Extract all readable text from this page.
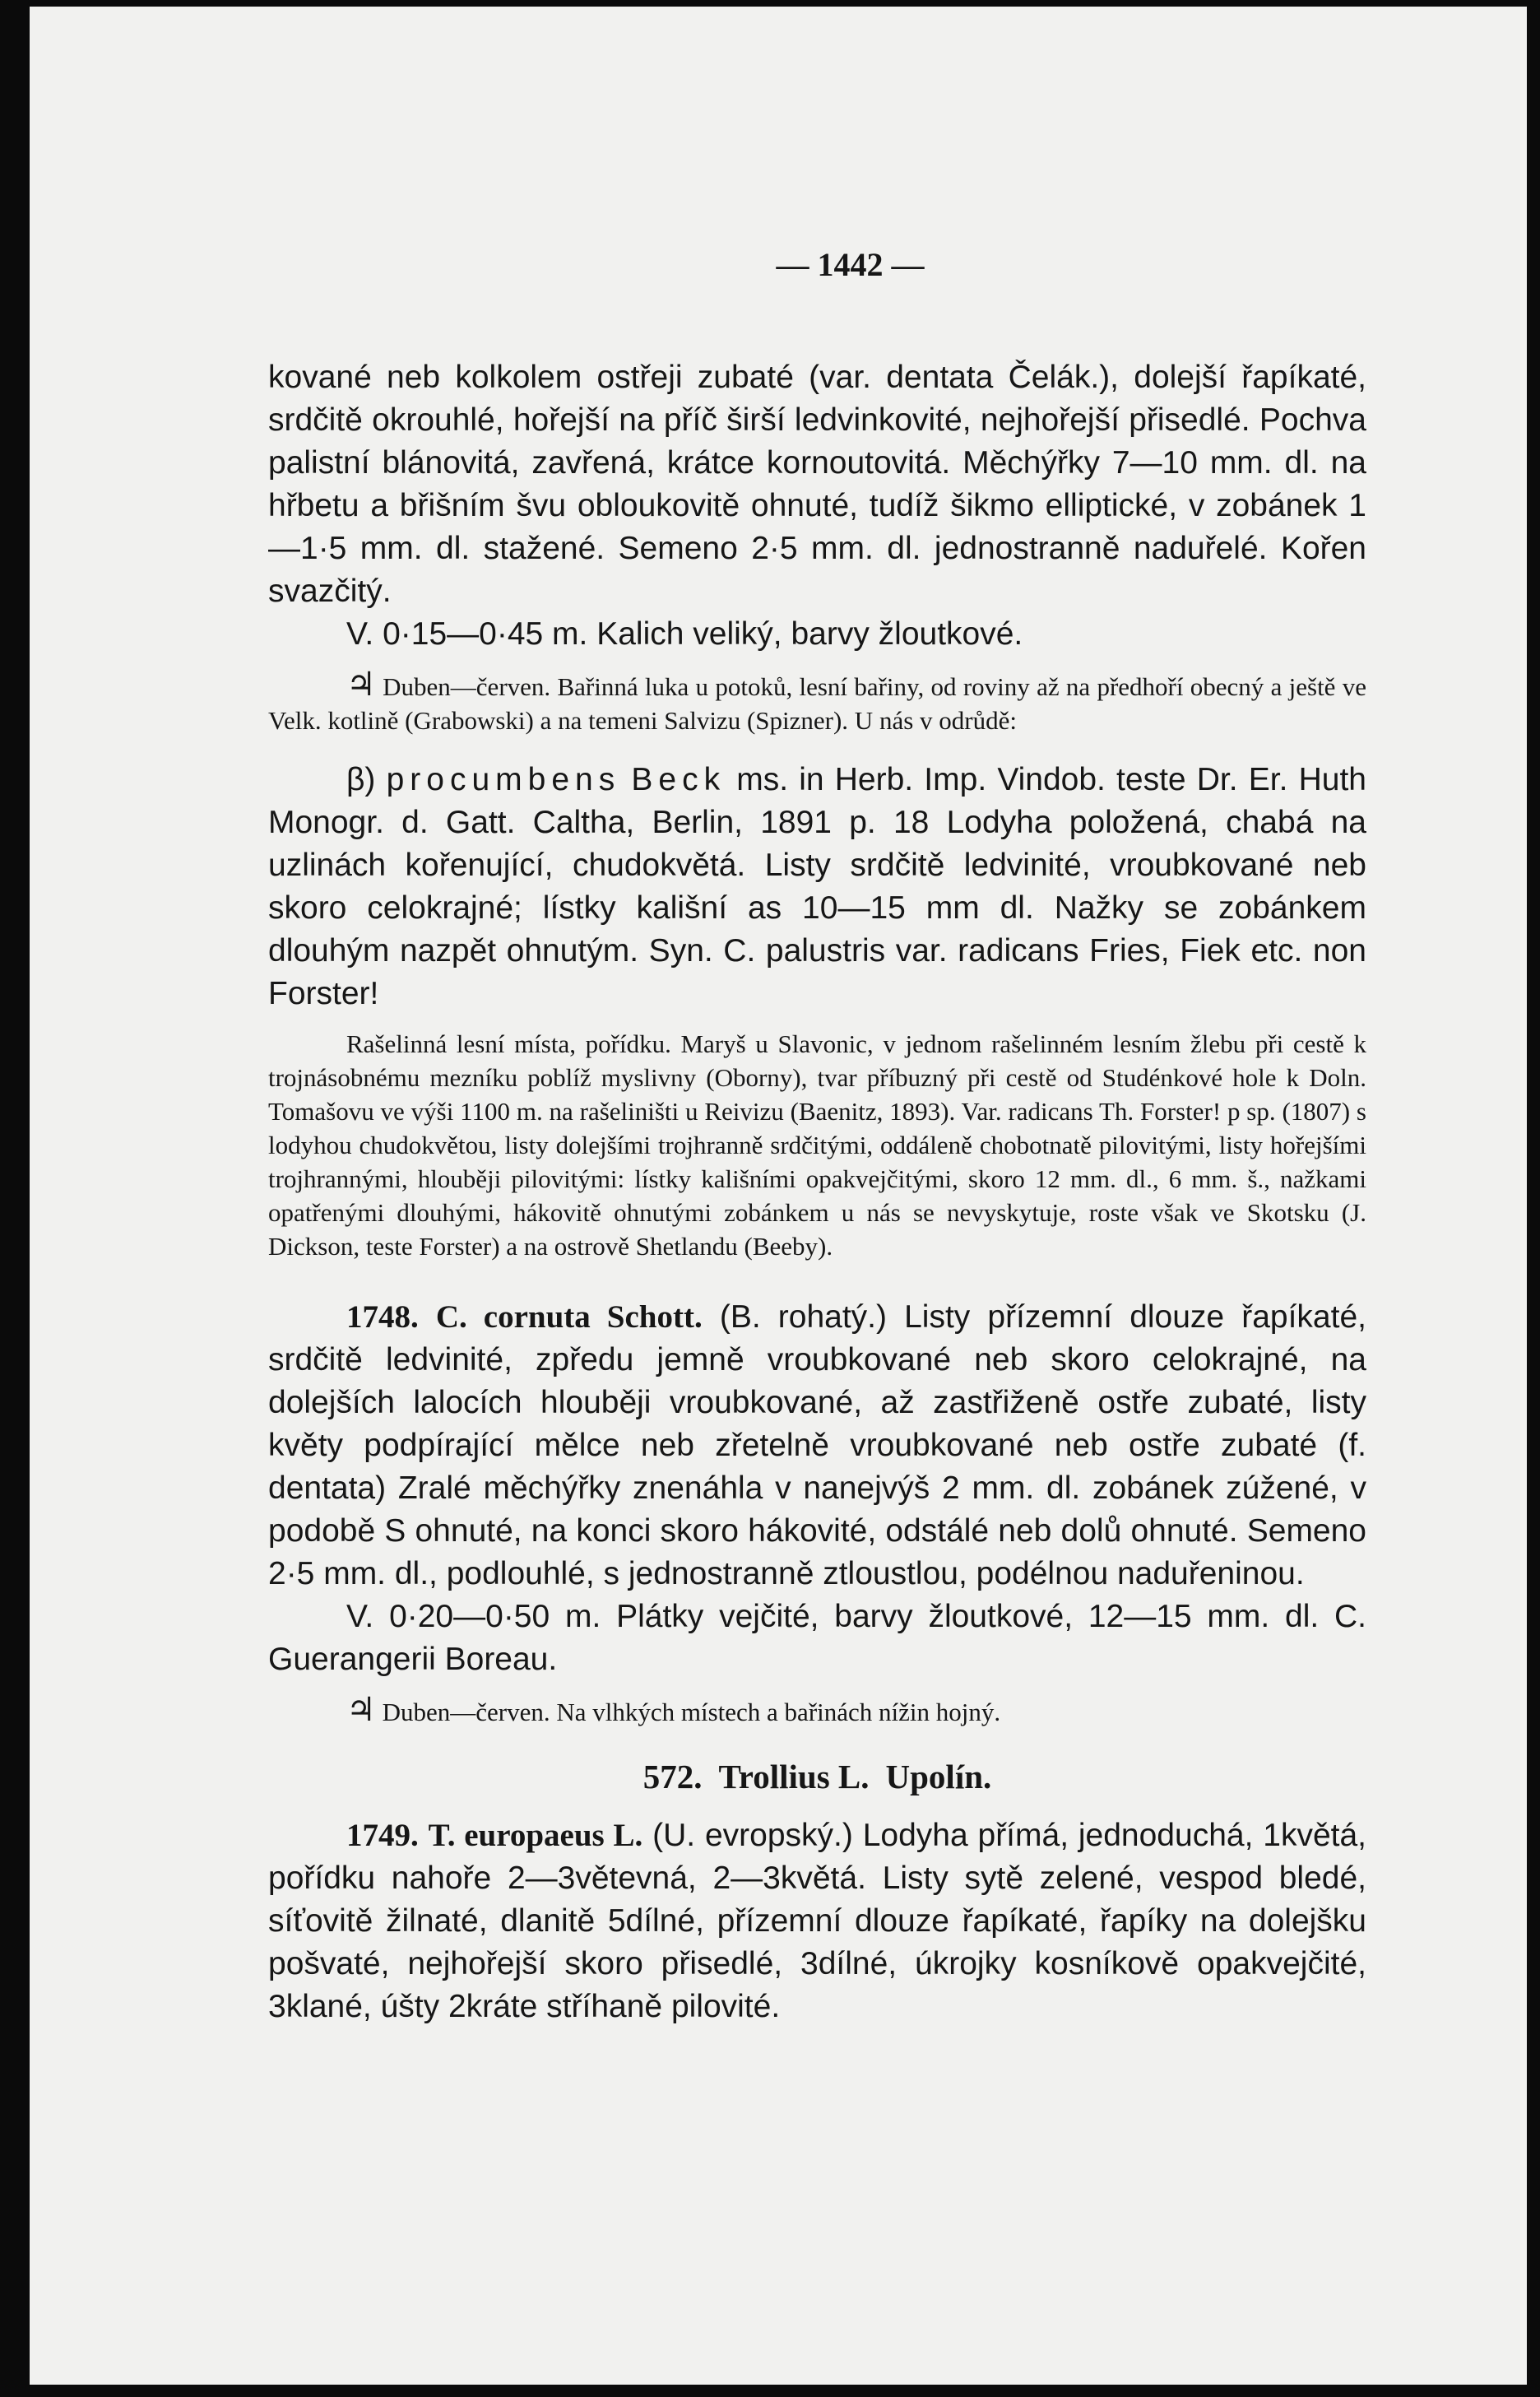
— 1442 —

kované neb kolkolem ostřeji zubaté (var. dentata Čelák.), dolejší řapíkaté, srdčitě okrouhlé, hořejší na příč širší ledvinkovité, nejhořejší přisedlé. Pochva palistní blánovitá, zavřená, krátce kornoutovitá. Měchýřky 7—10 mm. dl. na hřbetu a břišním švu obloukovitě ohnuté, tudíž šikmo elliptické, v zobánek 1—1·5 mm. dl. stažené. Semeno 2·5 mm. dl. jednostranně naduřelé. Kořen svazčitý.

V. 0·15—0·45 m. Kalich veliký, barvy žloutkové.

♃ Duben—červen. Bařinná luka u potoků, lesní bařiny, od roviny až na předhoří obecný a ještě ve Velk. kotlině (Grabowski) a na temeni Salvizu (Spizner). U nás v odrůdě:

β) procumbens Beck ms. in Herb. Imp. Vindob. teste Dr. Er. Huth Monogr. d. Gatt. Caltha, Berlin, 1891 p. 18 Lodyha položená, chabá na uzlinách kořenující, chudokvětá. Listy srdčitě ledvinité, vroubkované neb skoro celokrajné; lístky kališní as 10—15 mm dl. Nažky se zobánkem dlouhým nazpět ohnutým. Syn. C. palustris var. radicans Fries, Fiek etc. non Forster!

Rašelinná lesní místa, pořídku. Maryš u Slavonic, v jednom rašelinném lesním žlebu při cestě k trojnásobnému mezníku poblíž myslivny (Oborny), tvar příbuzný při cestě od Studénkové hole k Doln. Tomašovu ve výši 1100 m. na rašeliništi u Reivizu (Baenitz, 1893). Var. radicans Th. Forster! p sp. (1807) s lodyhou chudokvětou, listy dolejšími trojhranně srdčitými, oddáleně chobotnatě pilovitými, listy hořejšími trojhrannými, hlouběji pilovitými: lístky kališními opakvejčitými, skoro 12 mm. dl., 6 mm. š., nažkami opatřenými dlouhými, hákovitě ohnutými zobánkem u nás se nevyskytuje, roste však ve Skotsku (J. Dickson, teste Forster) a na ostrově Shetlandu (Beeby).

1748. C. cornuta Schott. (B. rohatý.) Listy přízemní dlouze řapíkaté, srdčitě ledvinité, zpředu jemně vroubkované neb skoro celokrajné, na dolejších lalocích hlouběji vroubkované, až zastřiženě ostře zubaté, listy květy podpírající mělce neb zřetelně vroubkované neb ostře zubaté (f. dentata) Zralé měchýřky znenáhla v nanejvýš 2 mm. dl. zobánek zúžené, v podobě S ohnuté, na konci skoro hákovité, odstálé neb dolů ohnuté. Semeno 2·5 mm. dl., podlouhlé, s jednostranně ztloustlou, podélnou naduřeninou.

V. 0·20—0·50 m. Plátky vejčité, barvy žloutkové, 12—15 mm. dl. C. Guerangerii Boreau.

♃ Duben—červen. Na vlhkých místech a bařinách nížin hojný.

572. Trollius L. Upolín.

1749. T. europaeus L. (U. evropský.) Lodyha přímá, jednoduchá, 1květá, pořídku nahoře 2—3větevná, 2—3květá. Listy sytě zelené, vespod bledé, síťovitě žilnaté, dlanitě 5dílné, přízemní dlouze řapíkaté, řapíky na dolejšku pošvaté, nejhořejší skoro přisedlé, 3dílné, úkrojky kosníkově opakvejčité, 3klané, úšty 2kráte stříhaně pilovité.
